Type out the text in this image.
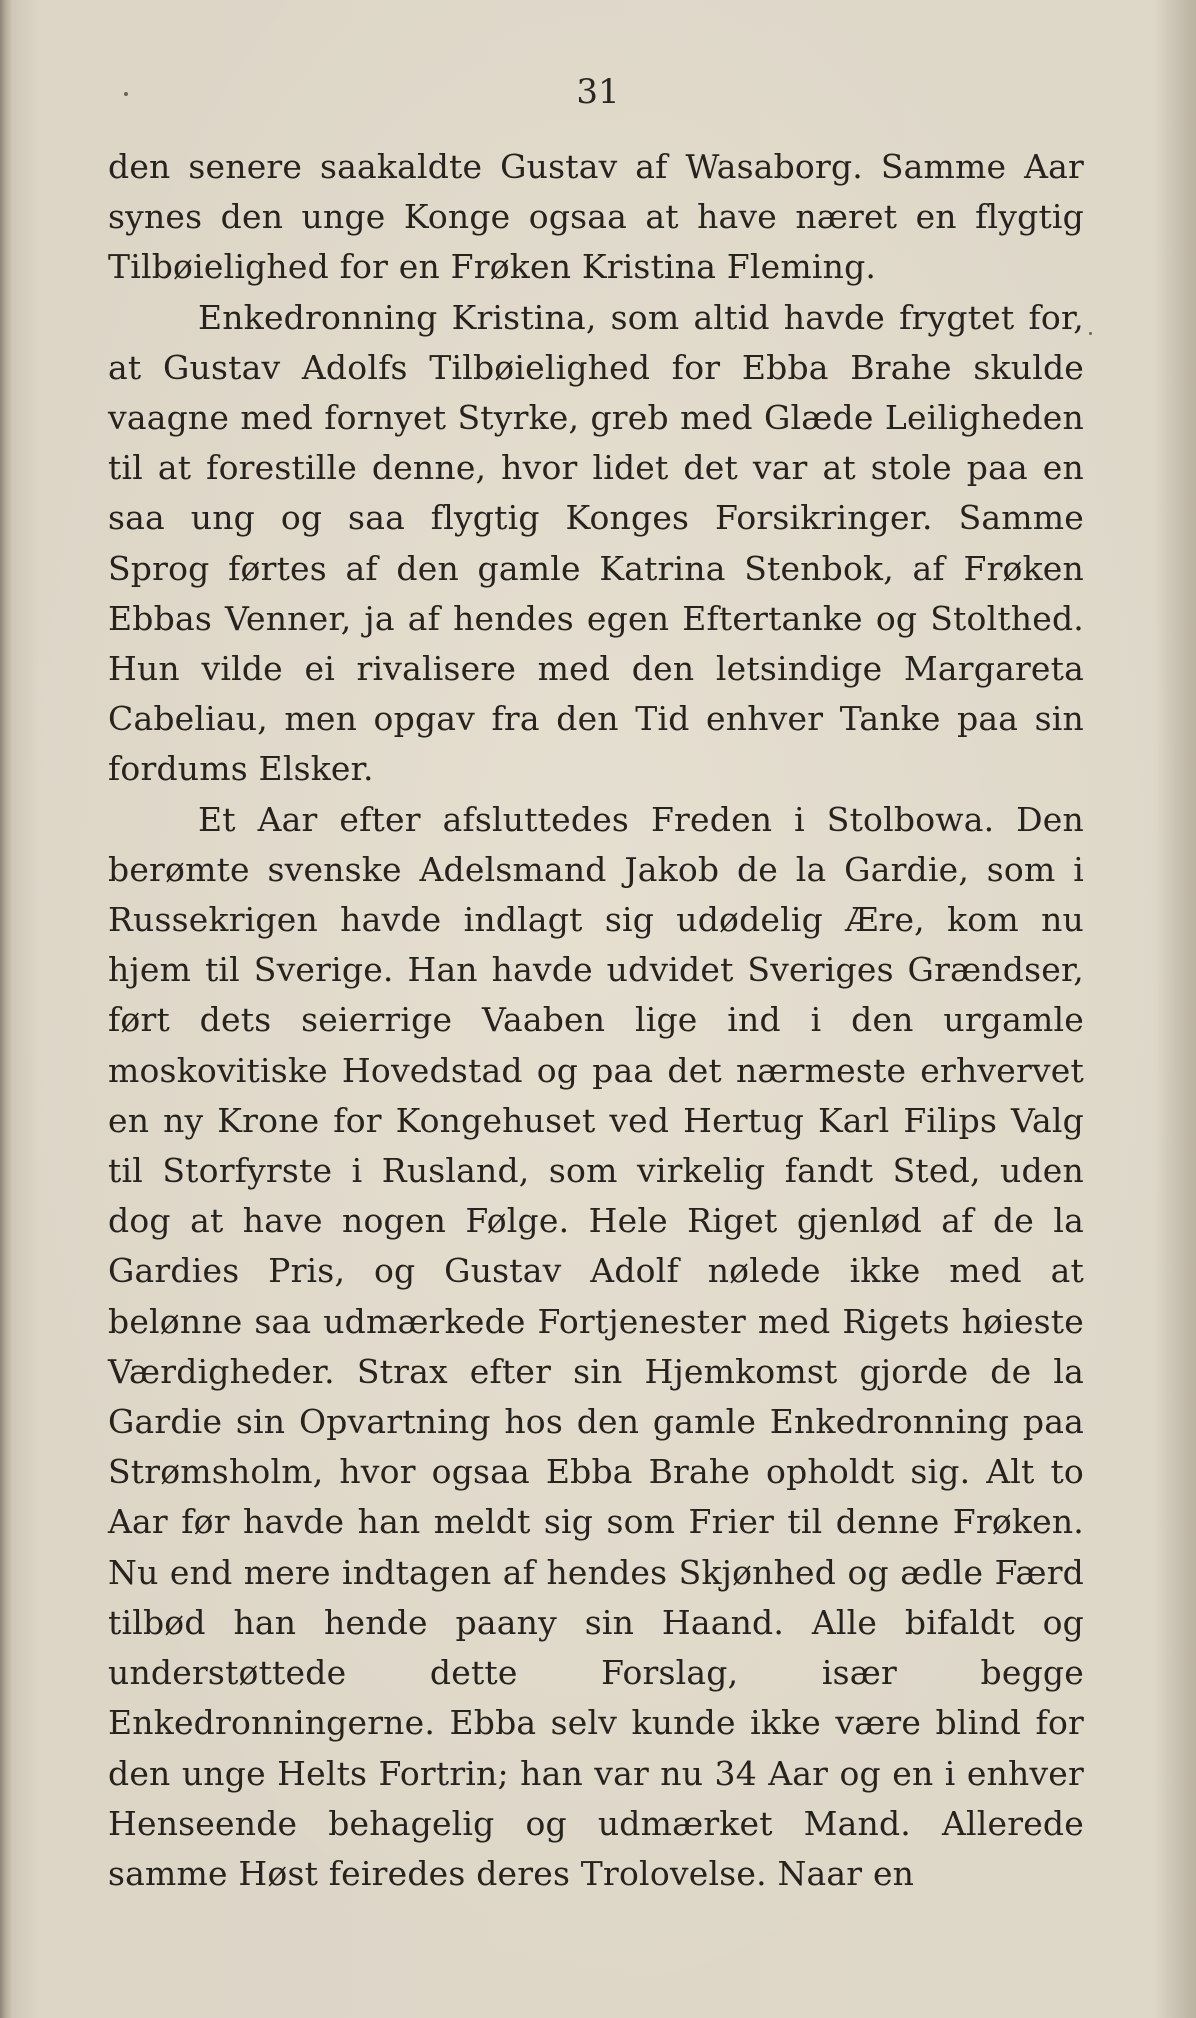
31

den senere saakaldte Gustav af Wasaborg. Samme Aar synes den unge Konge ogsaa at have næret en flygtig Tilbøielighed for en Frøken Kristina Fleming.

Enkedronning Kristina, som altid havde frygtet for, at Gustav Adolfs Tilbøielighed for Ebba Brahe skulde vaagne med fornyet Styrke, greb med Glæde Leiligheden til at forestille denne, hvor lidet det var at stole paa en saa ung og saa flygtig Konges Forsikringer. Samme Sprog førtes af den gamle Katrina Stenbok, af Frøken Ebbas Venner, ja af hendes egen Eftertanke og Stolthed. Hun vilde ei rivalisere med den letsindige Margareta Cabeliau, men opgav fra den Tid enhver Tanke paa sin fordums Elsker.

Et Aar efter afsluttedes Freden i Stolbowa. Den berømte svenske Adelsmand Jakob de la Gardie, som i Russekrigen havde indlagt sig udødelig Ære, kom nu hjem til Sverige. Han havde udvidet Sveriges Grændser, ført dets seierrige Vaaben lige ind i den urgamle moskovitiske Hovedstad og paa det nærmeste erhvervet en ny Krone for Kongehuset ved Hertug Karl Filips Valg til Storfyrste i Rusland, som virkelig fandt Sted, uden dog at have nogen Følge. Hele Riget gjenlød af de la Gardies Pris, og Gustav Adolf nølede ikke med at belønne saa udmærkede Fortjenester med Rigets høieste Værdigheder. Strax efter sin Hjemkomst gjorde de la Gardie sin Opvartning hos den gamle Enkedronning paa Strømsholm, hvor ogsaa Ebba Brahe opholdt sig. Alt to Aar før havde han meldt sig som Frier til denne Frøken. Nu end mere indtagen af hendes Skjønhed og ædle Færd tilbød han hende paany sin Haand. Alle bifaldt og understøttede dette Forslag, især begge Enkedronningerne. Ebba selv kunde ikke være blind for den unge Helts Fortrin; han var nu 34 Aar og en i enhver Henseende behagelig og udmærket Mand. Allerede samme Høst feiredes deres Trolovelse. Naar en
